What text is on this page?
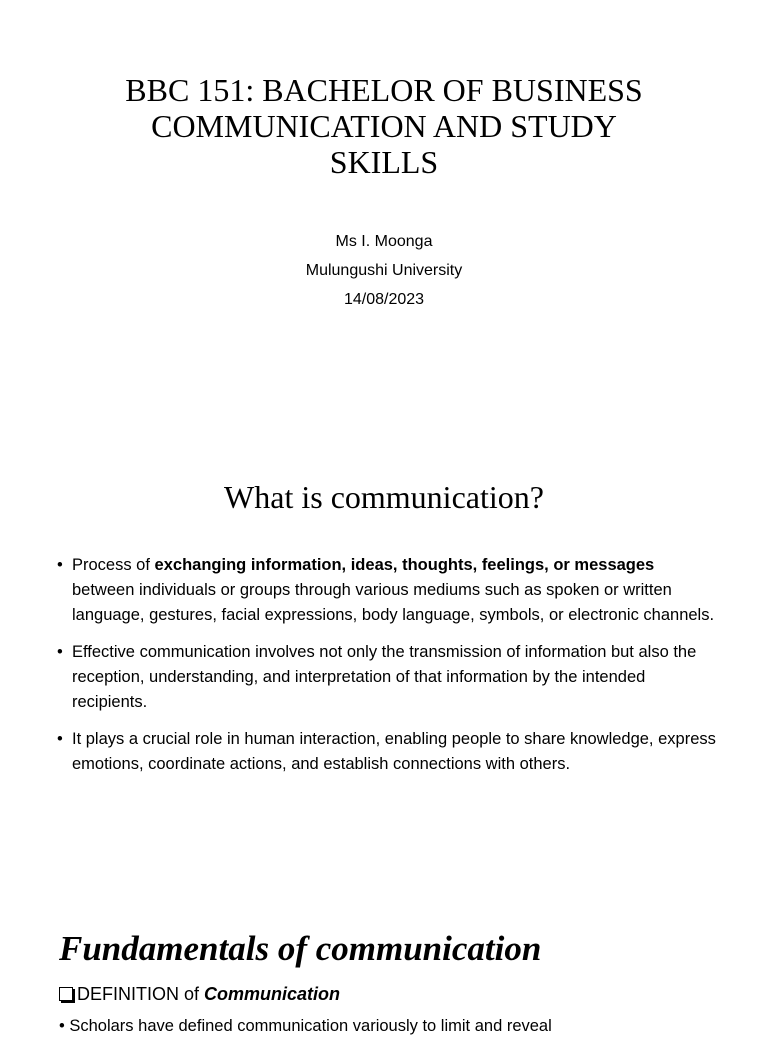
BBC 151: BACHELOR OF BUSINESS
COMMUNICATION AND STUDY
SKILLS
Ms I. Moonga
Mulungushi University
14/08/2023
What is communication?
• Process of exchanging information, ideas, thoughts, feelings, or messages between individuals or groups through various mediums such as spoken or written language, gestures, facial expressions, body language, symbols, or electronic channels.
• Effective communication involves not only the transmission of information but also the reception, understanding, and interpretation of that information by the intended recipients.
• It plays a crucial role in human interaction, enabling people to share knowledge, express emotions, coordinate actions, and establish connections with others.
Fundamentals of communication
DEFINITION of Communication
• Scholars have defined communication variously to limit and reveal
